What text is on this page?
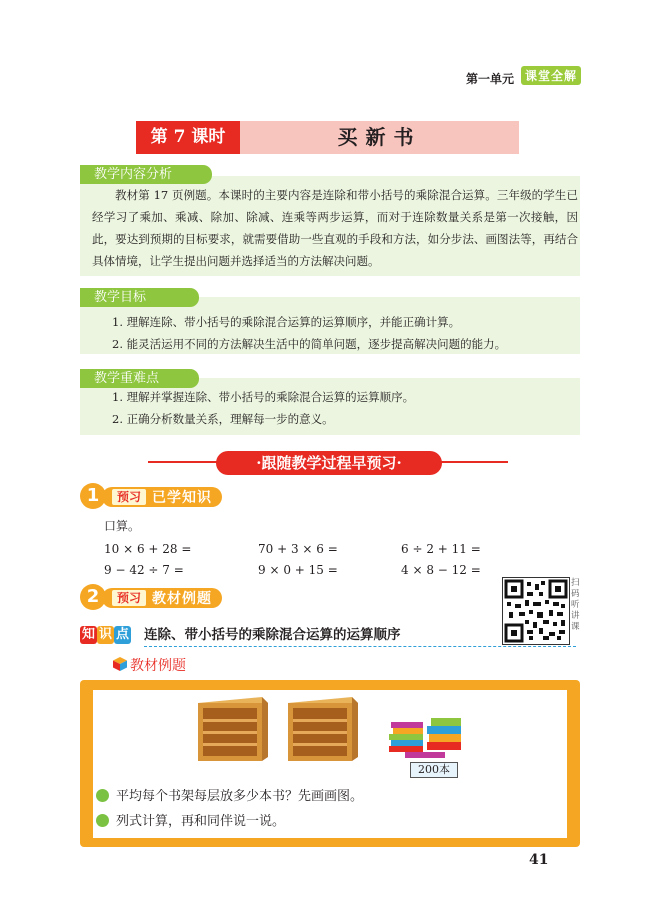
第一单元 课堂全解
第 7 课时	买新书
教学内容分析
教材第 17 页例题。本课时的主要内容是连除和带小括号的乘除混合运算。三年级的学生已经学习了乘加、乘减、除加、除减、连乘等两步运算，而对于连除数量关系是第一次接触，因此，要达到预期的目标要求，就需要借助一些直观的手段和方法，如分步法、画图法等，再结合具体情境，让学生提出问题并选择适当的方法解决问题。
教学目标
1. 理解连除、带小括号的乘除混合运算的运算顺序，并能正确计算。
2. 能灵活运用不同的方法解决生活中的简单问题，逐步提高解决问题的能力。
教学重难点
1. 理解并掌握连除、带小括号的乘除混合运算的运算顺序。
2. 正确分析数量关系，理解每一步的意义。
·跟随教学过程早预习·
预习 已学知识
1
口算。
10 × 6 + 28 =	70 + 3 × 6 =	6 ÷ 2 + 11 =
9 − 42 ÷ 7 =	9 × 0 + 15 =	4 × 8 − 12 =
扫码听讲课
预习 教材例题
2
知 识 点 连除、带小括号的乘除混合运算的运算顺序
教材例题
200本
平均每个书架每层放多少本书？先画画图。
列式计算，再和同伴说一说。
41
